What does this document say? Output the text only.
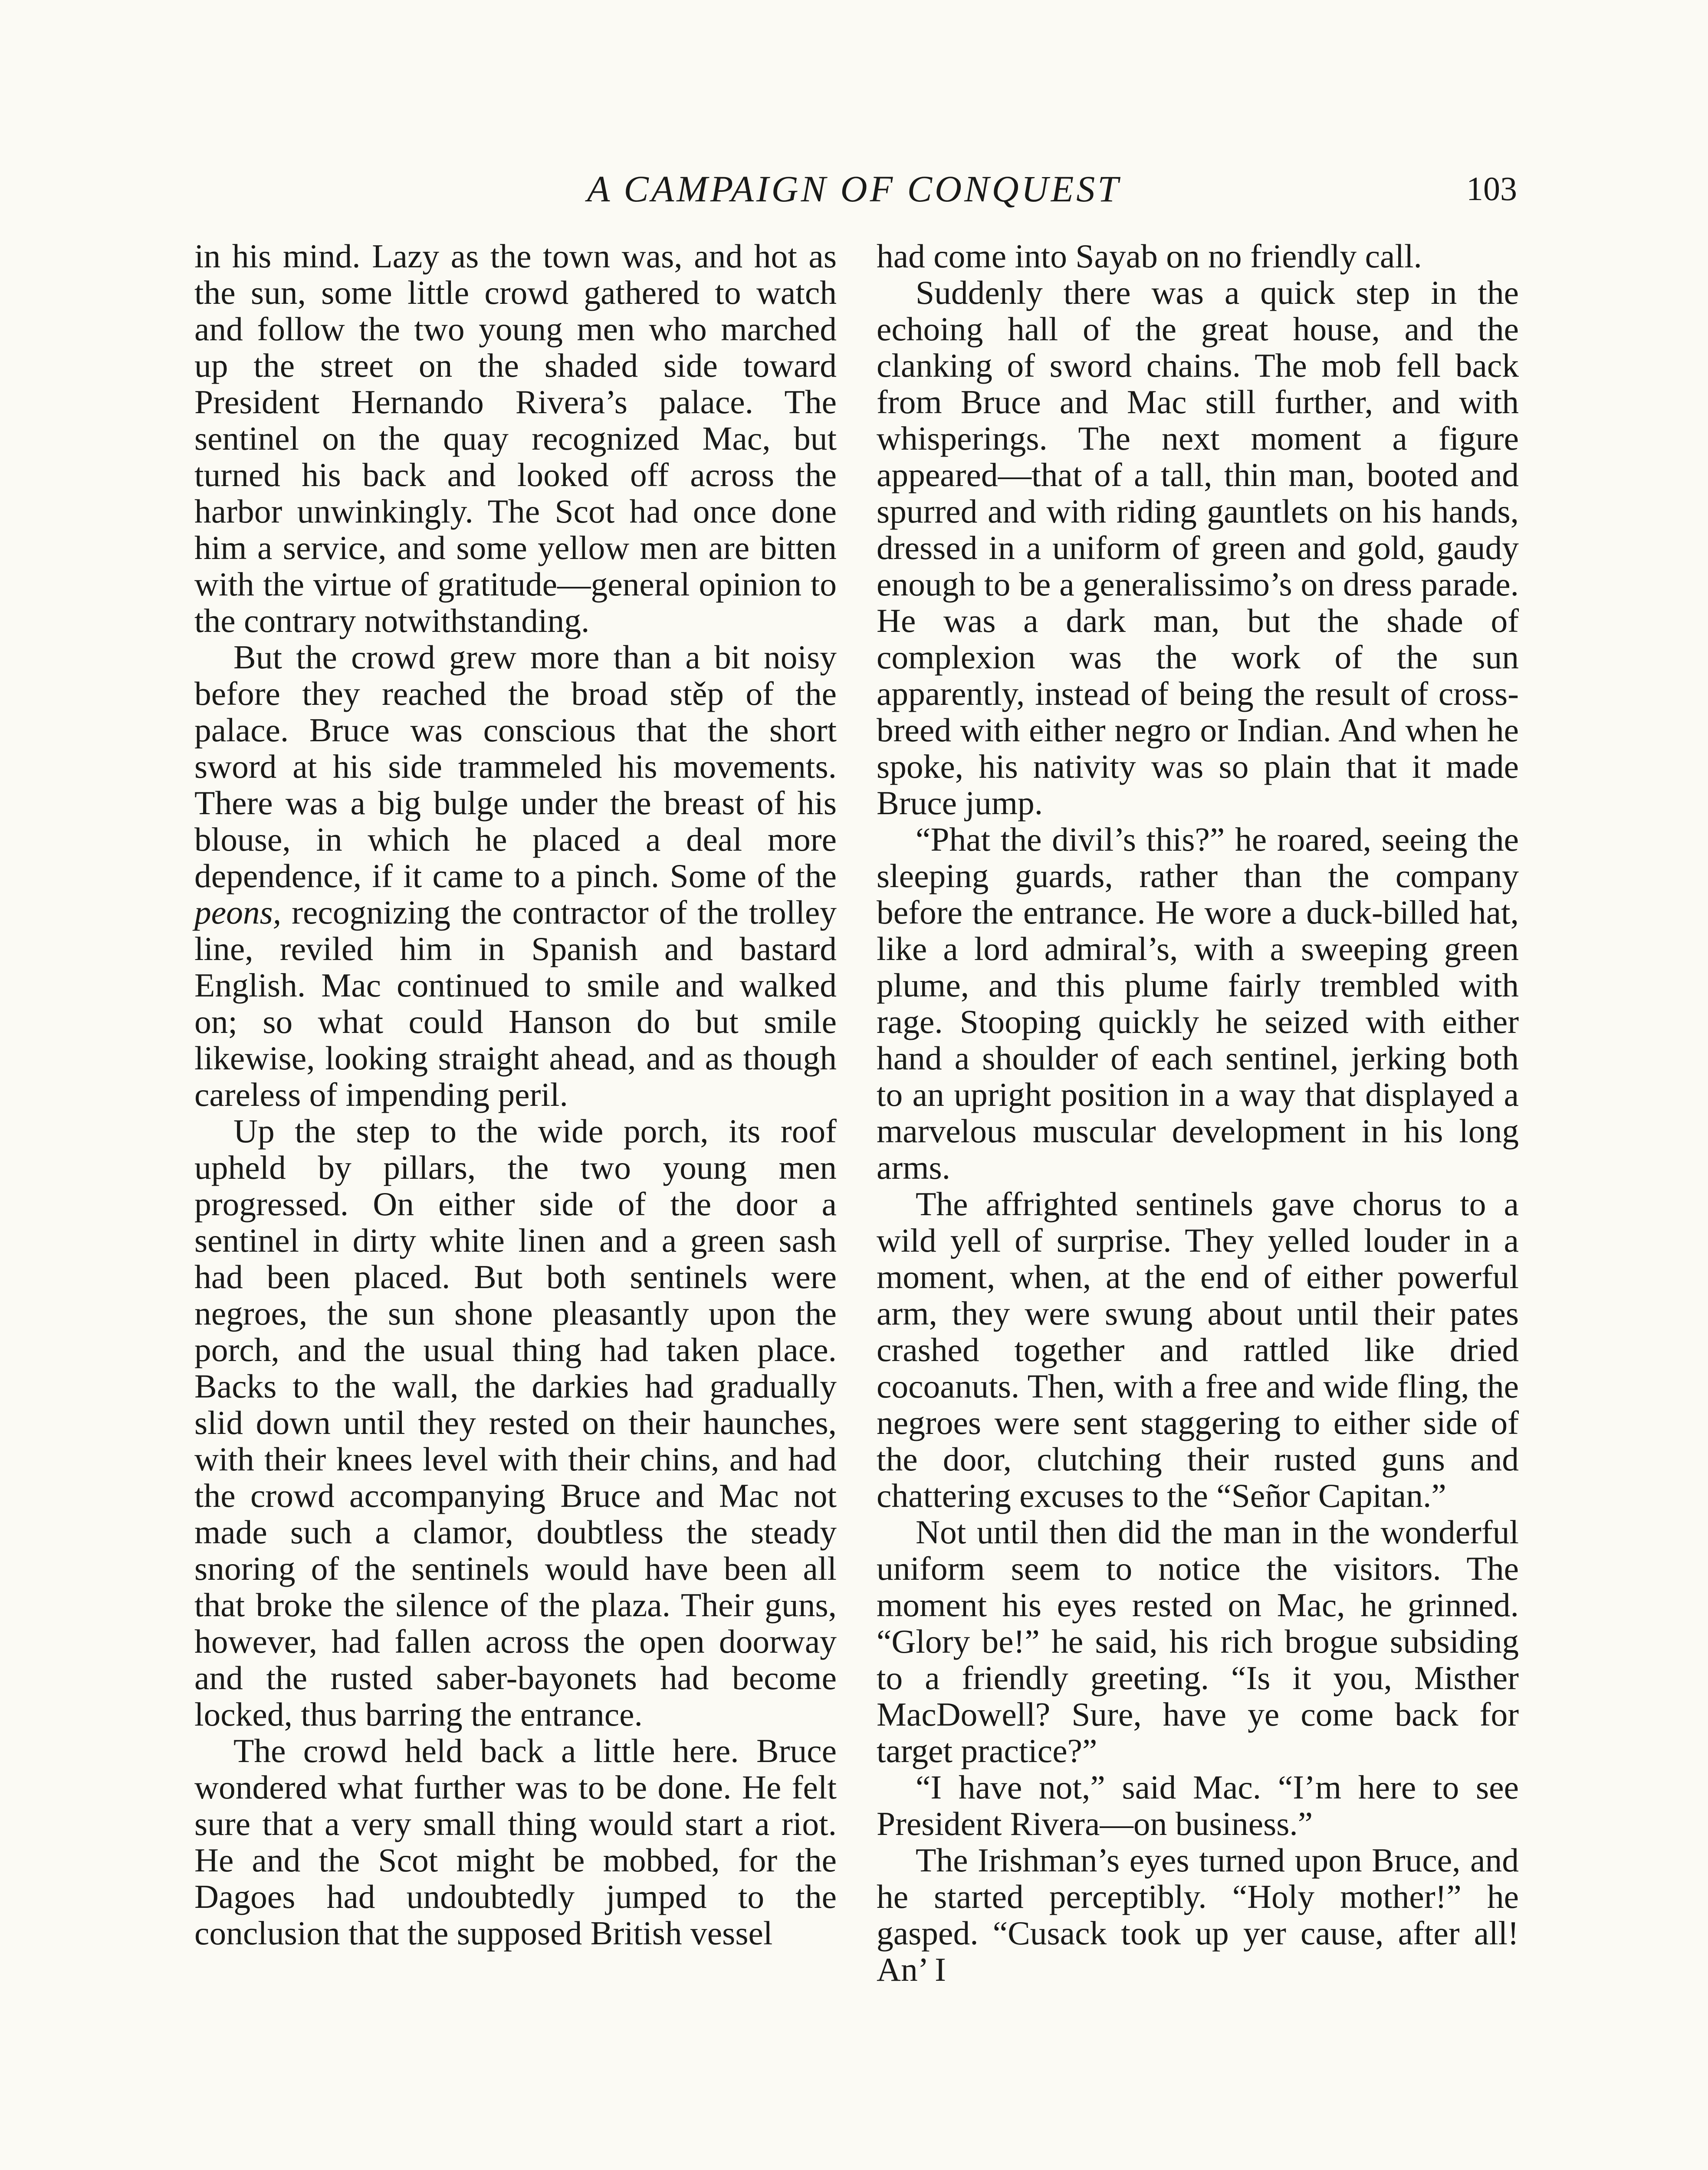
A CAMPAIGN OF CONQUEST	103

in his mind. Lazy as the town was, and hot as the sun, some little crowd gathered to watch and follow the two young men who marched up the street on the shaded side toward President Hernando Rivera’s palace. The sentinel on the quay recognized Mac, but turned his back and looked off across the harbor unwinkingly. The Scot had once done him a service, and some yellow men are bitten with the virtue of gratitude—general opinion to the contrary notwithstanding.

But the crowd grew more than a bit noisy before they reached the broad stěp of the palace. Bruce was conscious that the short sword at his side trammeled his movements. There was a big bulge under the breast of his blouse, in which he placed a deal more dependence, if it came to a pinch. Some of the peons, recognizing the contractor of the trolley line, reviled him in Spanish and bastard English. Mac continued to smile and walked on; so what could Hanson do but smile likewise, looking straight ahead, and as though careless of impending peril.

Up the step to the wide porch, its roof upheld by pillars, the two young men progressed. On either side of the door a sentinel in dirty white linen and a green sash had been placed. But both sentinels were negroes, the sun shone pleasantly upon the porch, and the usual thing had taken place. Backs to the wall, the darkies had gradually slid down until they rested on their haunches, with their knees level with their chins, and had the crowd accompanying Bruce and Mac not made such a clamor, doubtless the steady snoring of the sentinels would have been all that broke the silence of the plaza. Their guns, however, had fallen across the open doorway and the rusted saber-bayonets had become locked, thus barring the entrance.

The crowd held back a little here. Bruce wondered what further was to be done. He felt sure that a very small thing would start a riot. He and the Scot might be mobbed, for the Dagoes had undoubtedly jumped to the conclusion that the supposed British vessel

had come into Sayab on no friendly call.

Suddenly there was a quick step in the echoing hall of the great house, and the clanking of sword chains. The mob fell back from Bruce and Mac still further, and with whisperings. The next moment a figure appeared—that of a tall, thin man, booted and spurred and with riding gauntlets on his hands, dressed in a uniform of green and gold, gaudy enough to be a generalissimo’s on dress parade. He was a dark man, but the shade of complexion was the work of the sun apparently, instead of being the result of cross-breed with either negro or Indian. And when he spoke, his nativity was so plain that it made Bruce jump.

“Phat the divil’s this?” he roared, seeing the sleeping guards, rather than the company before the entrance. He wore a duck-billed hat, like a lord admiral’s, with a sweeping green plume, and this plume fairly trembled with rage. Stooping quickly he seized with either hand a shoulder of each sentinel, jerking both to an upright position in a way that displayed a marvelous muscular development in his long arms.

The affrighted sentinels gave chorus to a wild yell of surprise. They yelled louder in a moment, when, at the end of either powerful arm, they were swung about until their pates crashed together and rattled like dried cocoanuts. Then, with a free and wide fling, the negroes were sent staggering to either side of the door, clutching their rusted guns and chattering excuses to the “Señor Capitan.”

Not until then did the man in the wonderful uniform seem to notice the visitors. The moment his eyes rested on Mac, he grinned. “Glory be!” he said, his rich brogue subsiding to a friendly greeting. “Is it you, Misther MacDowell? Sure, have ye come back for target practice?”

“I have not,” said Mac. “I’m here to see President Rivera—on business.”

The Irishman’s eyes turned upon Bruce, and he started perceptibly. “Holy mother!” he gasped. “Cusack took up yer cause, after all! An’ I
